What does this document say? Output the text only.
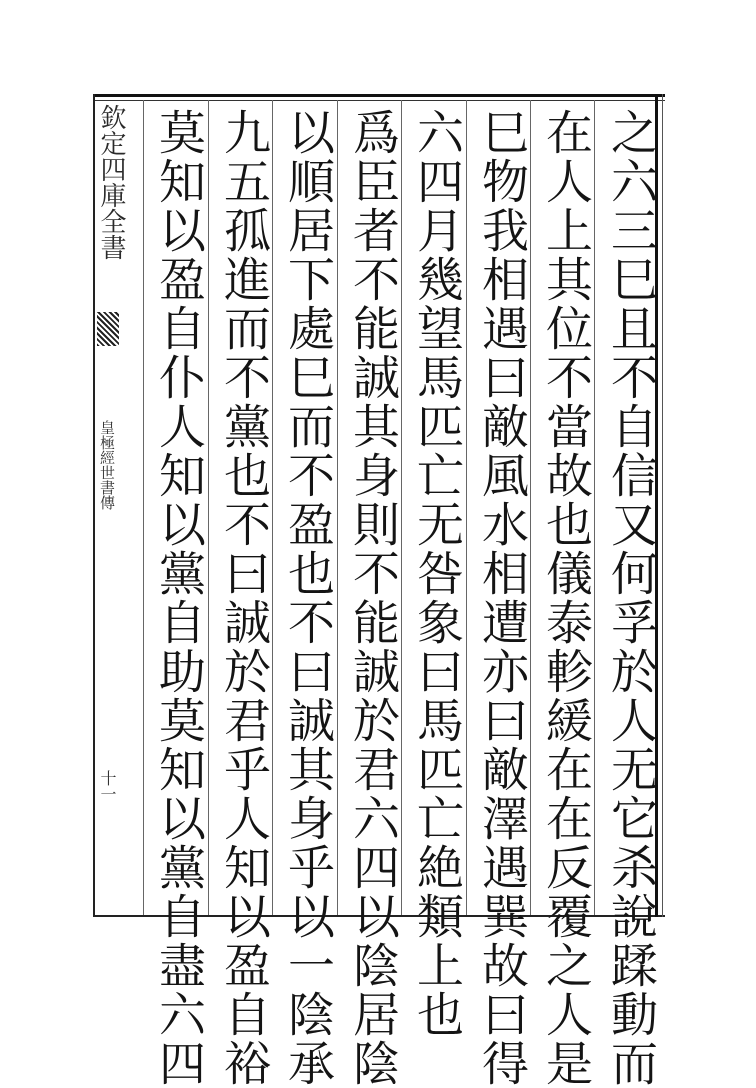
欽定四庫全書
皇極經世書傳
十一	之六三巳且不自信又何孚於人无它杀說蹂動而
在人上其位不當故也儀泰軫緩在在反覆之人是
巳物我相遇曰敵風水相遭亦曰敵澤遇巽故曰得
六四月幾望馬匹亡无咎象曰馬匹亡絶類上也
爲臣者不能誠其身則不能誠於君六四以陰居陰
以順居下處巳而不盈也不曰誠其身乎以一陰承
九五孤進而不黨也不曰誠於君乎人知以盈自裕
莫知以盈自仆人知以黨自助莫知以黨自盡六四
